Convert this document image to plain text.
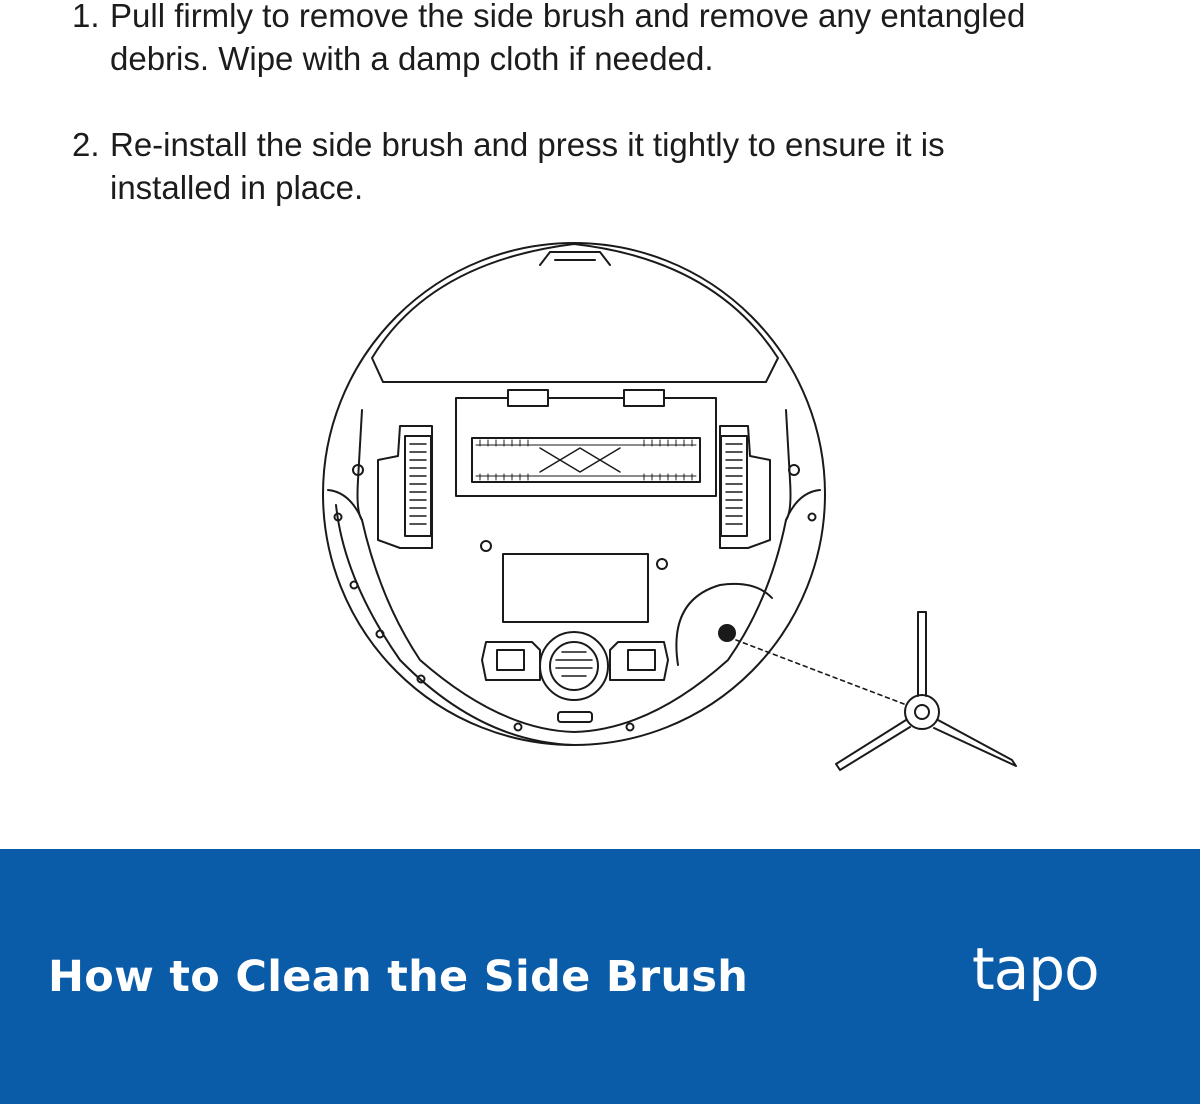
1. Pull firmly to remove the side brush and remove any entangled
debris. Wipe with a damp cloth if needed.
2. Re-install the side brush and press it tightly to ensure it is
installed in place.
How to Clean the Side Brush	tapo
